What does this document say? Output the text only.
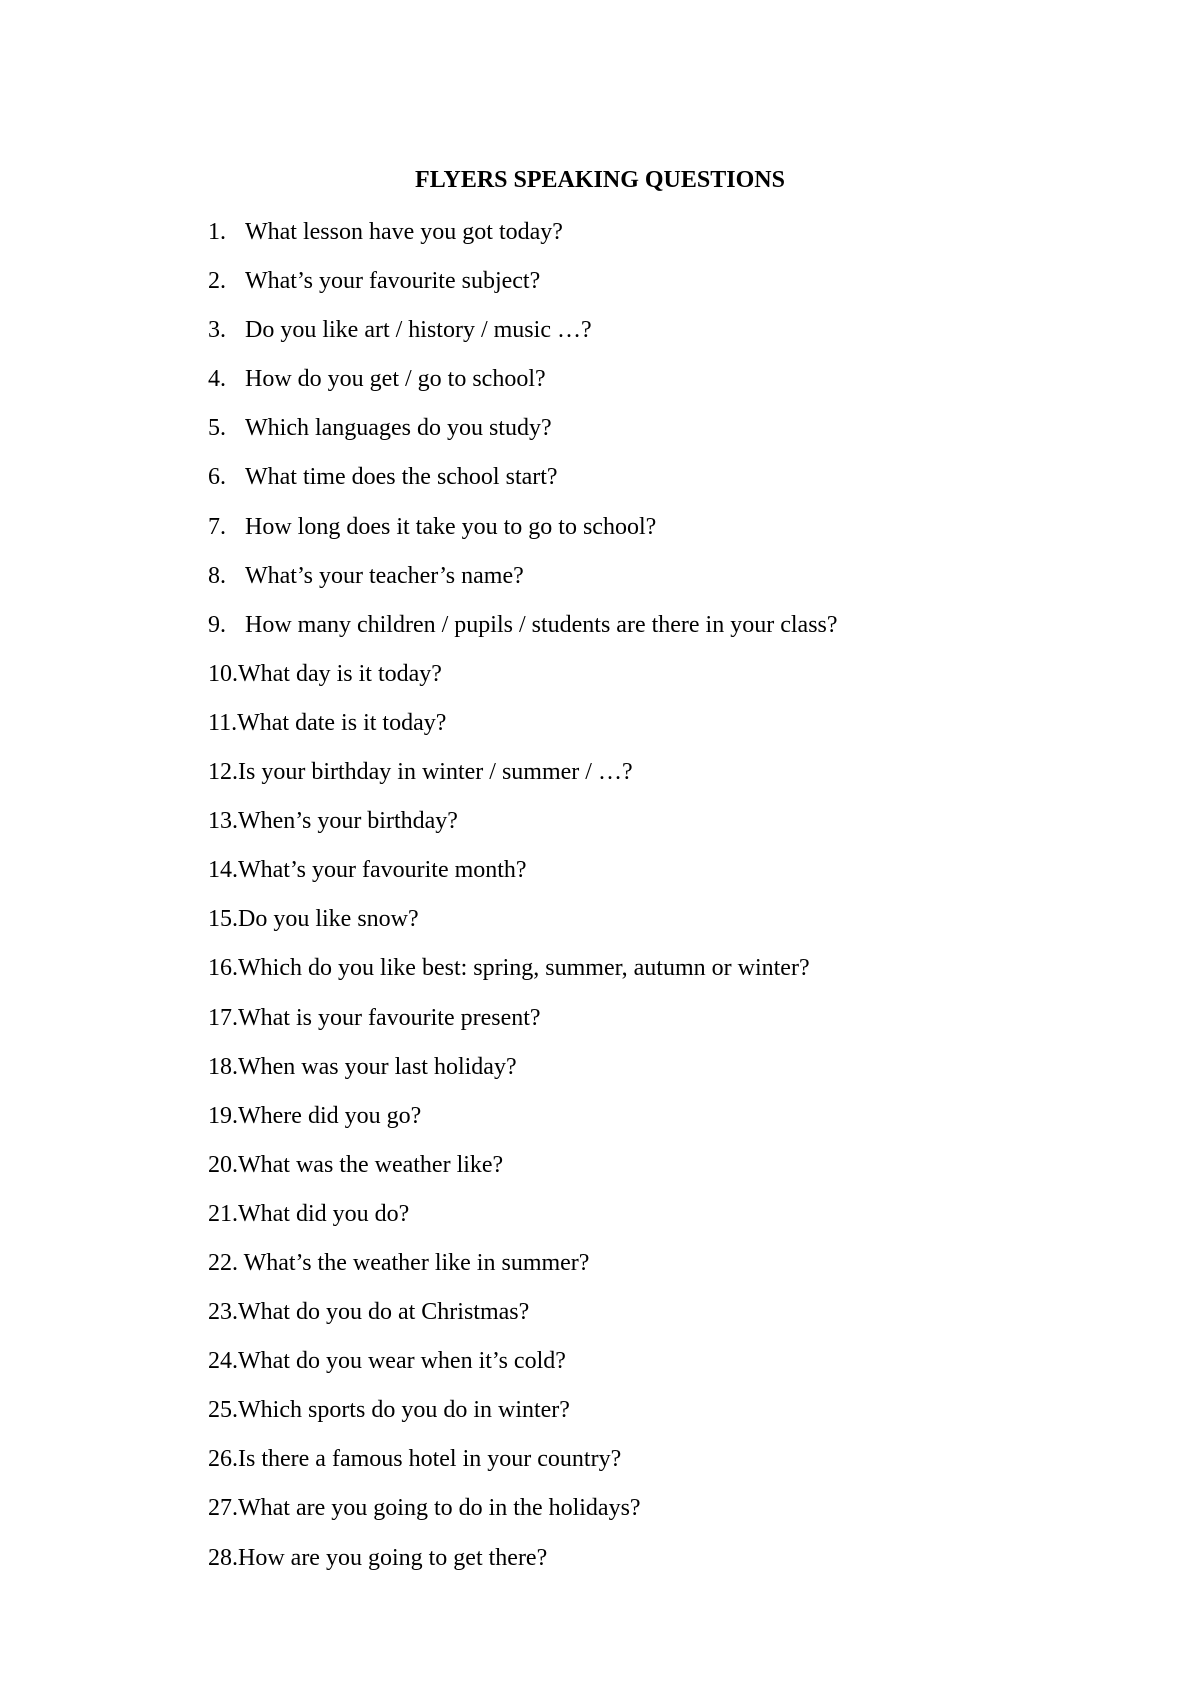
FLYERS SPEAKING QUESTIONS
1. What lesson have you got today?
2. What’s your favourite subject?
3. Do you like art / history / music …?
4. How do you get / go to school?
5. Which languages do you study?
6. What time does the school start?
7. How long does it take you to go to school?
8. What’s your teacher’s name?
9. How many children / pupils / students are there in your class?
10.What day is it today?
11.What date is it today?
12.Is your birthday in winter / summer / …?
13.When’s your birthday?
14.What’s your favourite month?
15.Do you like snow?
16.Which do you like best: spring, summer, autumn or winter?
17.What is your favourite present?
18.When was your last holiday?
19.Where did you go?
20.What was the weather like?
21.What did you do?
22. What’s the weather like in summer?
23.What do you do at Christmas?
24.What do you wear when it’s cold?
25.Which sports do you do in winter?
26.Is there a famous hotel in your country?
27.What are you going to do in the holidays?
28.How are you going to get there?
